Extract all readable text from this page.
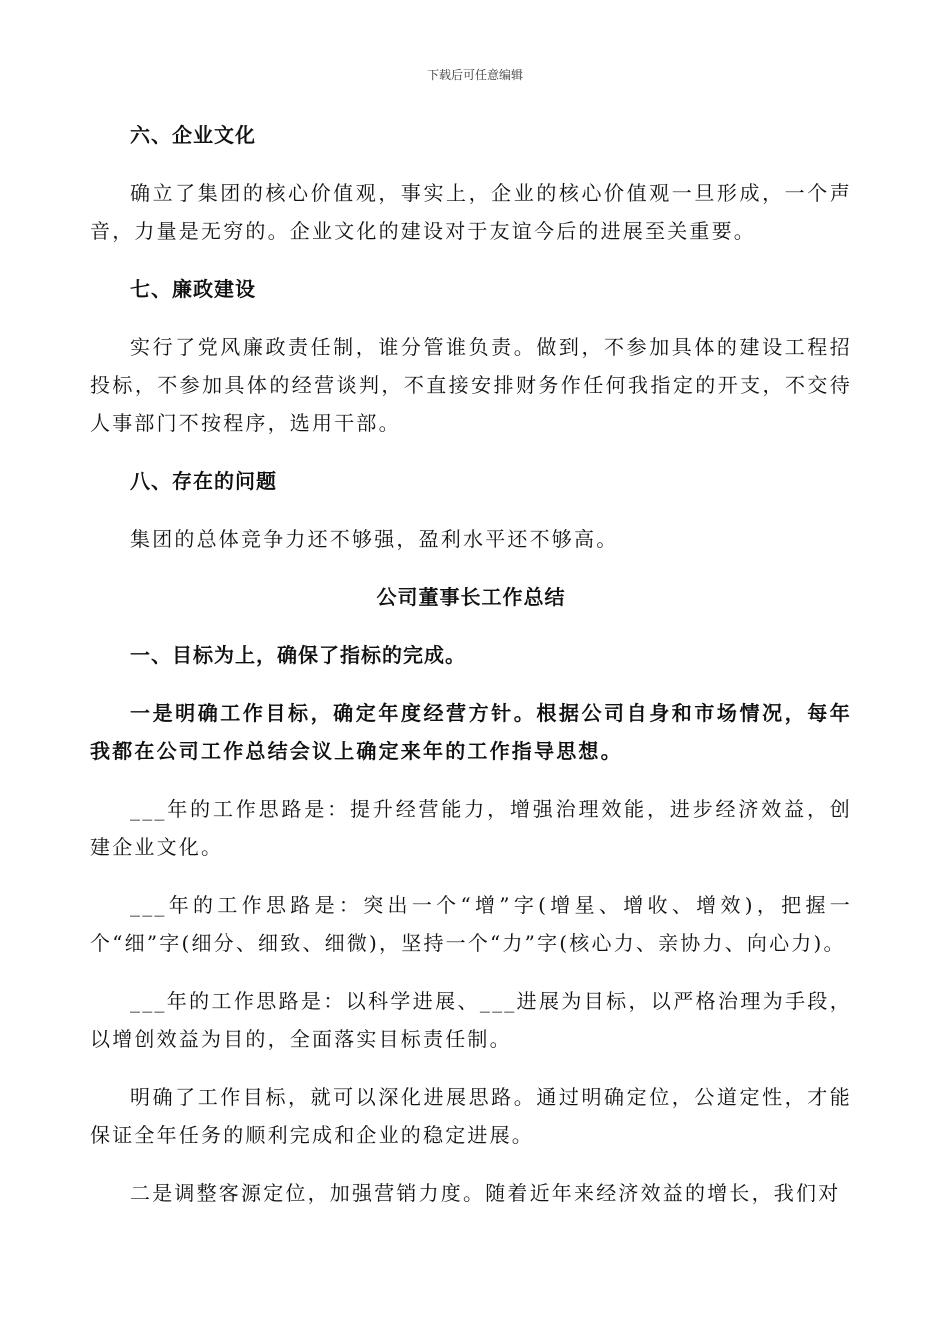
下载后可任意编辑

六、企业文化

确立了集团的核心价值观，事实上，企业的核心价值观一旦形成，一个声音，力量是无穷的。企业文化的建设对于友谊今后的进展至关重要。

七、廉政建设

实行了党风廉政责任制，谁分管谁负责。做到，不参加具体的建设工程招投标，不参加具体的经营谈判，不直接安排财务作任何我指定的开支，不交待人事部门不按程序，选用干部。

八、存在的问题

集团的总体竞争力还不够强，盈利水平还不够高。

公司董事长工作总结

一、目标为上，确保了指标的完成。

一是明确工作目标，确定年度经营方针。根据公司自身和市场情况，每年我都在公司工作总结会议上确定来年的工作指导思想。

___年的工作思路是：提升经营能力，增强治理效能，进步经济效益，创建企业文化。

___年的工作思路是：突出一个“增”字(增星、增收、增效)，把握一个“细”字(细分、细致、细微)，坚持一个“力”字(核心力、亲协力、向心力)。

___年的工作思路是：以科学进展、___进展为目标，以严格治理为手段，以增创效益为目的，全面落实目标责任制。

明确了工作目标，就可以深化进展思路。通过明确定位，公道定性，才能保证全年任务的顺利完成和企业的稳定进展。

二是调整客源定位，加强营销力度。随着近年来经济效益的增长，我们对
